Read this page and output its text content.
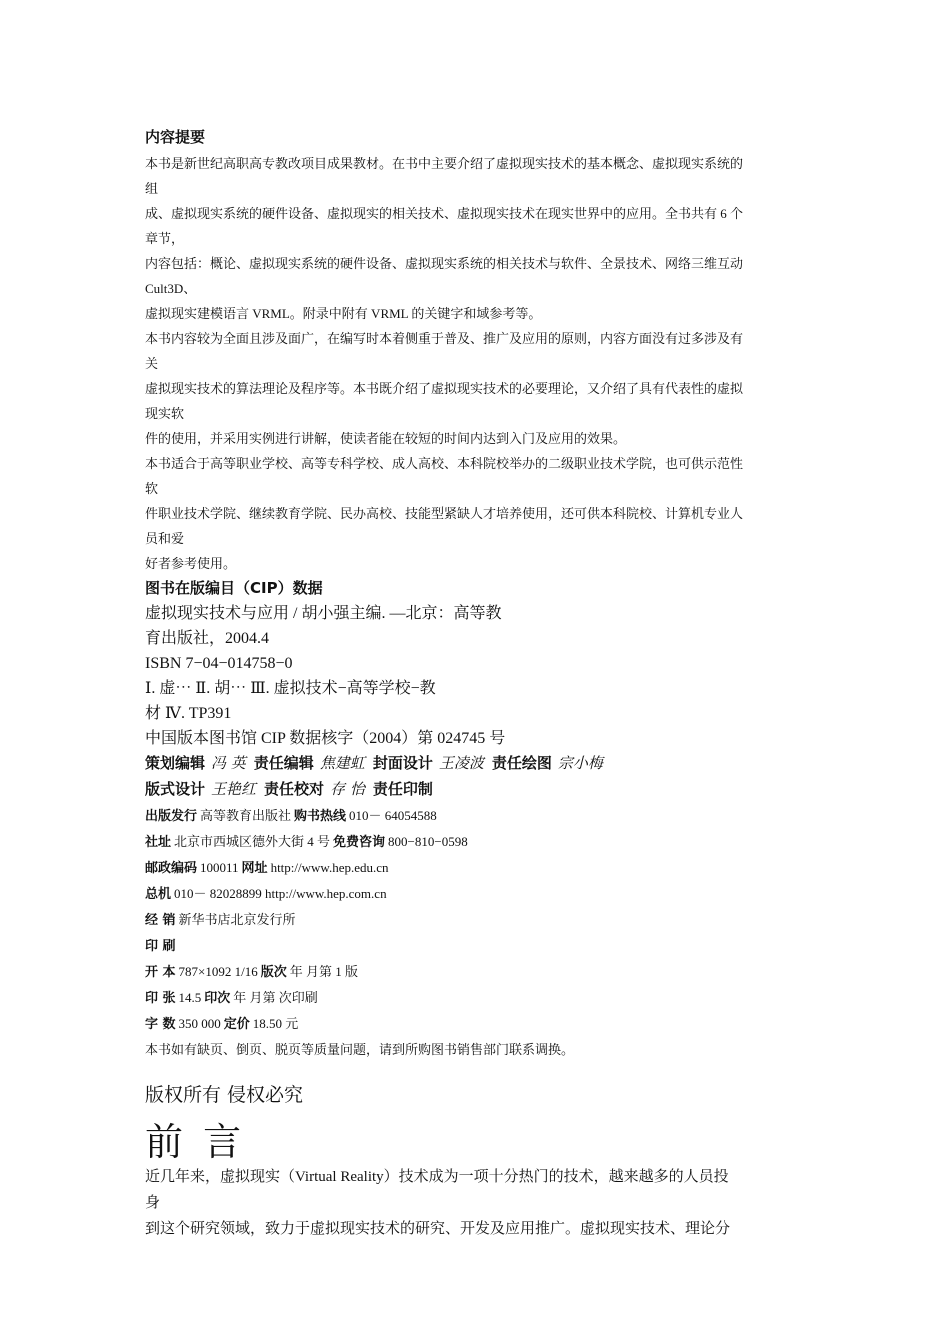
内容提要

本书是新世纪高职高专教改项目成果教材。在书中主要介绍了虚拟现实技术的基本概念、虚拟现实系统的

组

成、虚拟现实系统的硬件设备、虚拟现实的相关技术、虚拟现实技术在现实世界中的应用。全书共有 6 个

章节，

内容包括：概论、虚拟现实系统的硬件设备、虚拟现实系统的相关技术与软件、全景技术、网络三维互动

Cult3D、

虚拟现实建模语言 VRML。附录中附有 VRML 的关键字和域参考等。

本书内容较为全面且涉及面广，在编写时本着侧重于普及、推广及应用的原则，内容方面没有过多涉及有

关

虚拟现实技术的算法理论及程序等。本书既介绍了虚拟现实技术的必要理论，又介绍了具有代表性的虚拟

现实软

件的使用，并采用实例进行讲解，使读者能在较短的时间内达到入门及应用的效果。

本书适合于高等职业学校、高等专科学校、成人高校、本科院校举办的二级职业技术学院，也可供示范性

软

件职业技术学院、继续教育学院、民办高校、技能型紧缺人才培养使用，还可供本科院校、计算机专业人

员和爱

好者参考使用。

图书在版编目（CIP）数据

虚拟现实技术与应用 / 胡小强主编. —北京：高等教

育出版社，2004.4

ISBN 7−04−014758−0

Ⅰ. 虚⋯ Ⅱ. 胡⋯ Ⅲ. 虚拟技术−高等学校−教

材 Ⅳ. TP391

中国版本图书馆 CIP 数据核字（2004）第 024745 号

策划编辑 冯 英 责任编辑 焦建虹 封面设计 王凌波 责任绘图 宗小梅

版式设计 王艳红 责任校对 存 怡 责任印制

出版发行 高等教育出版社 购书热线 010－ 64054588

社址 北京市西城区德外大街 4 号 免费咨询 800−810−0598

邮政编码 100011 网址 http://www.hep.edu.cn

总机 010－ 82028899 http://www.hep.com.cn

经 销 新华书店北京发行所

印 刷

开 本 787×1092 1/16 版次 年 月第 1 版

印 张 14.5 印次 年 月第 次印刷

字 数 350 000 定价 18.50 元

本书如有缺页、倒页、脱页等质量问题，请到所购图书销售部门联系调换。

版权所有 侵权必究
前 言

近几年来，虚拟现实（Virtual Reality）技术成为一项十分热门的技术，越来越多的人员投

身

到这个研究领域，致力于虚拟现实技术的研究、开发及应用推广。虚拟现实技术、理论分
